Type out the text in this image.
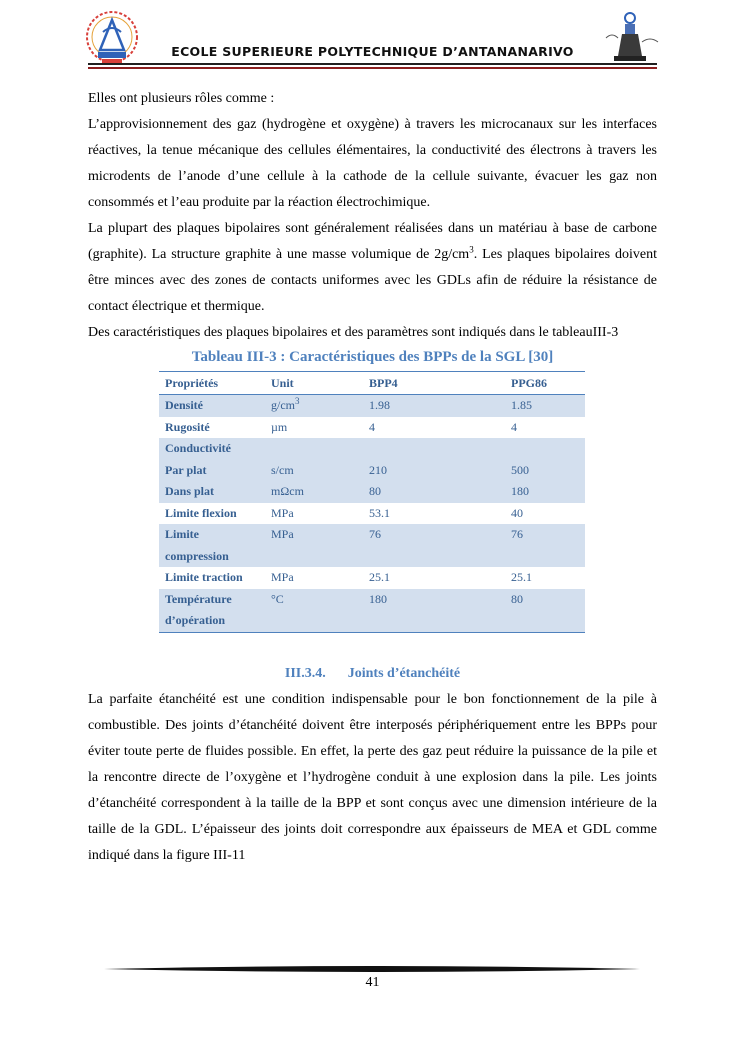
ECOLE SUPERIEURE POLYTECHNIQUE D’ANTANANARIVO

Elles ont plusieurs rôles comme :

L’approvisionnement des gaz (hydrogène et oxygène) à travers les microcanaux sur les interfaces réactives, la tenue mécanique des cellules élémentaires, la conductivité des électrons à travers les microdents de l’anode d’une cellule à la cathode de la cellule suivante, évacuer les gaz non consommés et l’eau produite par la réaction électrochimique.

La plupart des plaques bipolaires sont généralement réalisées dans un matériau à base de carbone (graphite). La structure graphite à une masse volumique de $2g/cm^3$. Les plaques bipolaires doivent être minces avec des zones de contacts uniformes avec les GDLs afin de réduire la résistance de contact électrique et thermique.

Des caractéristiques des plaques bipolaires et des paramètres sont indiqués dans le tableauIII-3

Tableau III-3 : Caractéristiques des BPPs de la SGL [30]

Propriétés	Unit	BPP4	PPG86
Densité	$g/cm^3$	1.98	1.85
Rugosité	µm	4	4
Conductivité			
Par plat	s/cm	210	500
Dans plat	mΩcm	80	180
Limite flexion	MPa	53.1	40
Limite
compression	MPa	76	76
Limite traction	MPa	25.1	25.1
Température
d’opération	°C	180	80
III.3.4. Joints d’étanchéité

La parfaite étanchéité est une condition indispensable pour le bon fonctionnement de la pile à combustible. Des joints d’étanchéité doivent être interposés périphériquement entre les BPPs pour éviter toute perte de fluides possible. En effet, la perte des gaz peut réduire la puissance de la pile et la rencontre directe de l’oxygène et l’hydrogène conduit à une explosion dans la pile. Les joints d’étanchéité correspondent à la taille de la BPP et sont conçus avec une dimension intérieure de la taille de la GDL. L’épaisseur des joints doit correspondre aux épaisseurs de MEA et GDL comme indiqué dans la figure III-11

41
